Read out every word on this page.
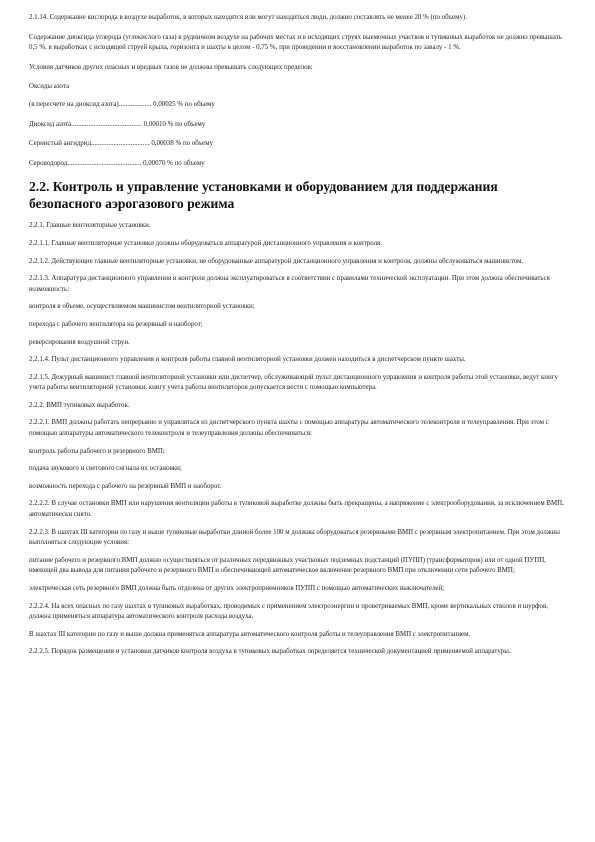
2.1.14. Содержание кислорода в воздухе выработок, в которых находятся или могут находиться люди, должно составлять не менее 20 % (по объему).

Содержание диоксида углерода (углекислого газа) в рудничном воздухе на рабочих местах и в исходящих струях выемочных участков и тупиковых выработок не должно превышать 0,5 %, в выработках с исходящей струей крыла, горизонта и шахты в целом - 0,75 %, при проведении и восстановлении выработок по завалу - 1 %.

Условия датчиков других опасных и вредных газов не должны превышать следующих пределов:

Оксиды азота

(в пересчете на диоксид азота)................... 0,00025 % по объему

Диоксид азота......................................... 0,00010 % по объему

Сернистый ангидрид.................................. 0,00038 % по объему

Сероводород........................................... 0,00070 % по объему

2.2. Контроль и управление установками и оборудованием для поддержания безопасного аэрогазового режима

2.2.1. Главные вентиляторные установки.

2.2.1.1. Главные вентиляторные установки должны оборудоваться аппаратурой дистанционного управления и контроля.

2.2.1.2. Действующие главные вентиляторные установки, не оборудованные аппаратурой дистанционного управления и контроля, должны обслуживаться машинистом.

2.2.1.3. Аппаратура дистанционного управления и контроля должна эксплуатироваться в соответствии с правилами технической эксплуатации. При этом должна обеспечиваться возможность:

контроля в объеме, осуществляемом машинистом вентиляторной установки;

перехода с рабочего вентилятора на резервный и наоборот;

реверсирования воздушной струи.

2.2.1.4. Пульт дистанционного управления и контроля работы главной вентиляторной установки должен находиться в диспетчерском пункте шахты.

2.2.1.5. Дежурный машинист главной вентиляторной установки или диспетчер, обслуживающий пульт дистанционного управления и контроля работы этой установки, ведут книгу учета работы вентиляторной установки, книгу учета работы вентиляторов допускается вести с помощью компьютера.

2.2.2. ВМП тупиковых выработок.

2.2.2.1. ВМП должны работать непрерывно и управляться из диспетчерского пункта шахты с помощью аппаратуры автоматического телеконтроля и телеуправления. При этом с помощью аппаратуры автоматического телеконтроля и телеуправления должны обеспечиваться:

контроль работы рабочего и резервного ВМП;

подача звукового и светового сигнала их остановки;

возможность перехода с рабочего на резервный ВМП и наоборот.

2.2.2.2. В случае остановки ВМП или нарушения вентиляции работы в тупиковой выработке должны быть прекращены, а напряжение с электрооборудования, за исключением ВМП, автоматически снято.

2.2.2.3. В шахтах III категории по газу и выше тупиковые выработки длиной более 100 м должны оборудоваться резервными ВМП с резервным электропитанием. При этом должны выполняться следующие условия:

питание рабочего и резервного ВМП должно осуществляться от различных передвижных участковых подземных подстанций (ПУПП) (трансформаторов) или от одной ПУПП, имеющей два вывода для питания рабочего и резервного ВМП и обеспечивающей автоматическое включение резервного ВМП при отключении сети рабочего ВМП;

электрическая сеть резервного ВМП должна быть отделена от других электроприемников ПУПП с помощью автоматических выключателей;

2.2.2.4. На всех опасных по газу шахтах в тупиковых выработках, проводимых с применением электроэнергии и проветриваемых ВМП, кроме вертикальных стволов и шурфов, должна применяться аппаратура автоматического контроля расхода воздуха.

В шахтах III категории по газу и выше должна применяться аппаратура автоматического контроля работы и телеуправления ВМП с электропитанием.

2.2.2.5. Порядок размещения и установки датчиков контроля воздуха в тупиковых выработках определяется технической документацией применяемой аппаратуры.
